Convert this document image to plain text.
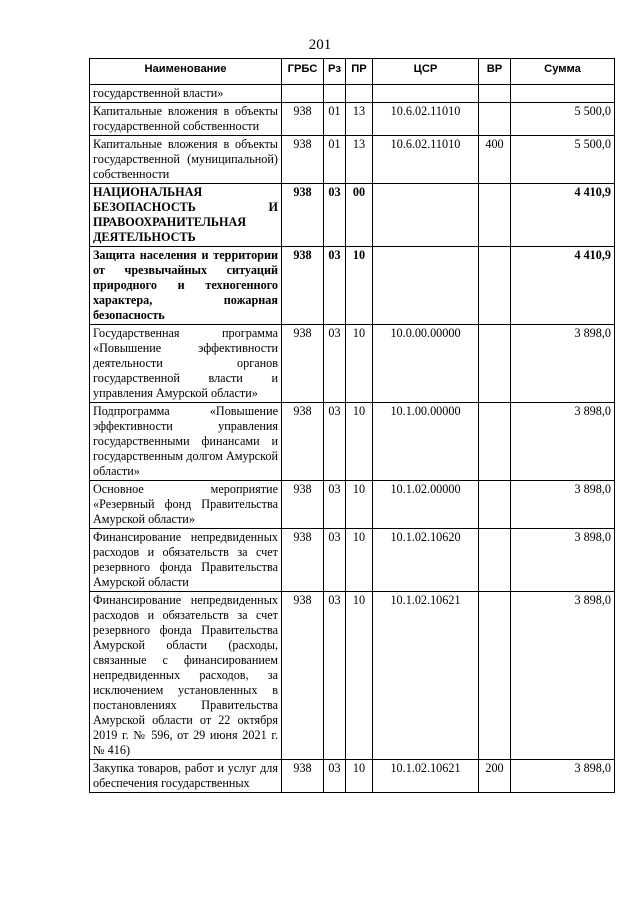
201
Наименование	ГРБС	Рз	ПР	ЦСР	ВР	Сумма
государственной власти»						
Капитальные вложения в объекты государственной собственности	938	01	13	10.6.02.11010		5 500,0
Капитальные вложения в объекты государственной (муниципальной) собственности	938	01	13	10.6.02.11010	400	5 500,0
НАЦИОНАЛЬНАЯ БЕЗОПАСНОСТЬ И ПРАВООХРАНИТЕЛЬНАЯ ДЕЯТЕЛЬНОСТЬ	938	03	00			4 410,9
Защита населения и территории от чрезвычайных ситуаций природного и техногенного характера, пожарная безопасность	938	03	10			4 410,9
Государственная программа «Повышение эффективности деятельности органов государственной власти и управления Амурской области»	938	03	10	10.0.00.00000		3 898,0
Подпрограмма «Повышение эффективности управления государственными финансами и государственным долгом Амурской области»	938	03	10	10.1.00.00000		3 898,0
Основное мероприятие «Резервный фонд Правительства Амурской области»	938	03	10	10.1.02.00000		3 898,0
Финансирование непредвиденных расходов и обязательств за счет резервного фонда Правительства Амурской области	938	03	10	10.1.02.10620		3 898,0
Финансирование непредвиденных расходов и обязательств за счет резервного фонда Правительства Амурской области (расходы, связанные с финансированием непредвиденных расходов, за исключением установленных в постановлениях Правительства Амурской области от 22 октября 2019 г. № 596, от 29 июня 2021 г. № 416)	938	03	10	10.1.02.10621		3 898,0
Закупка товаров, работ и услуг для обеспечения государственных	938	03	10	10.1.02.10621	200	3 898,0
